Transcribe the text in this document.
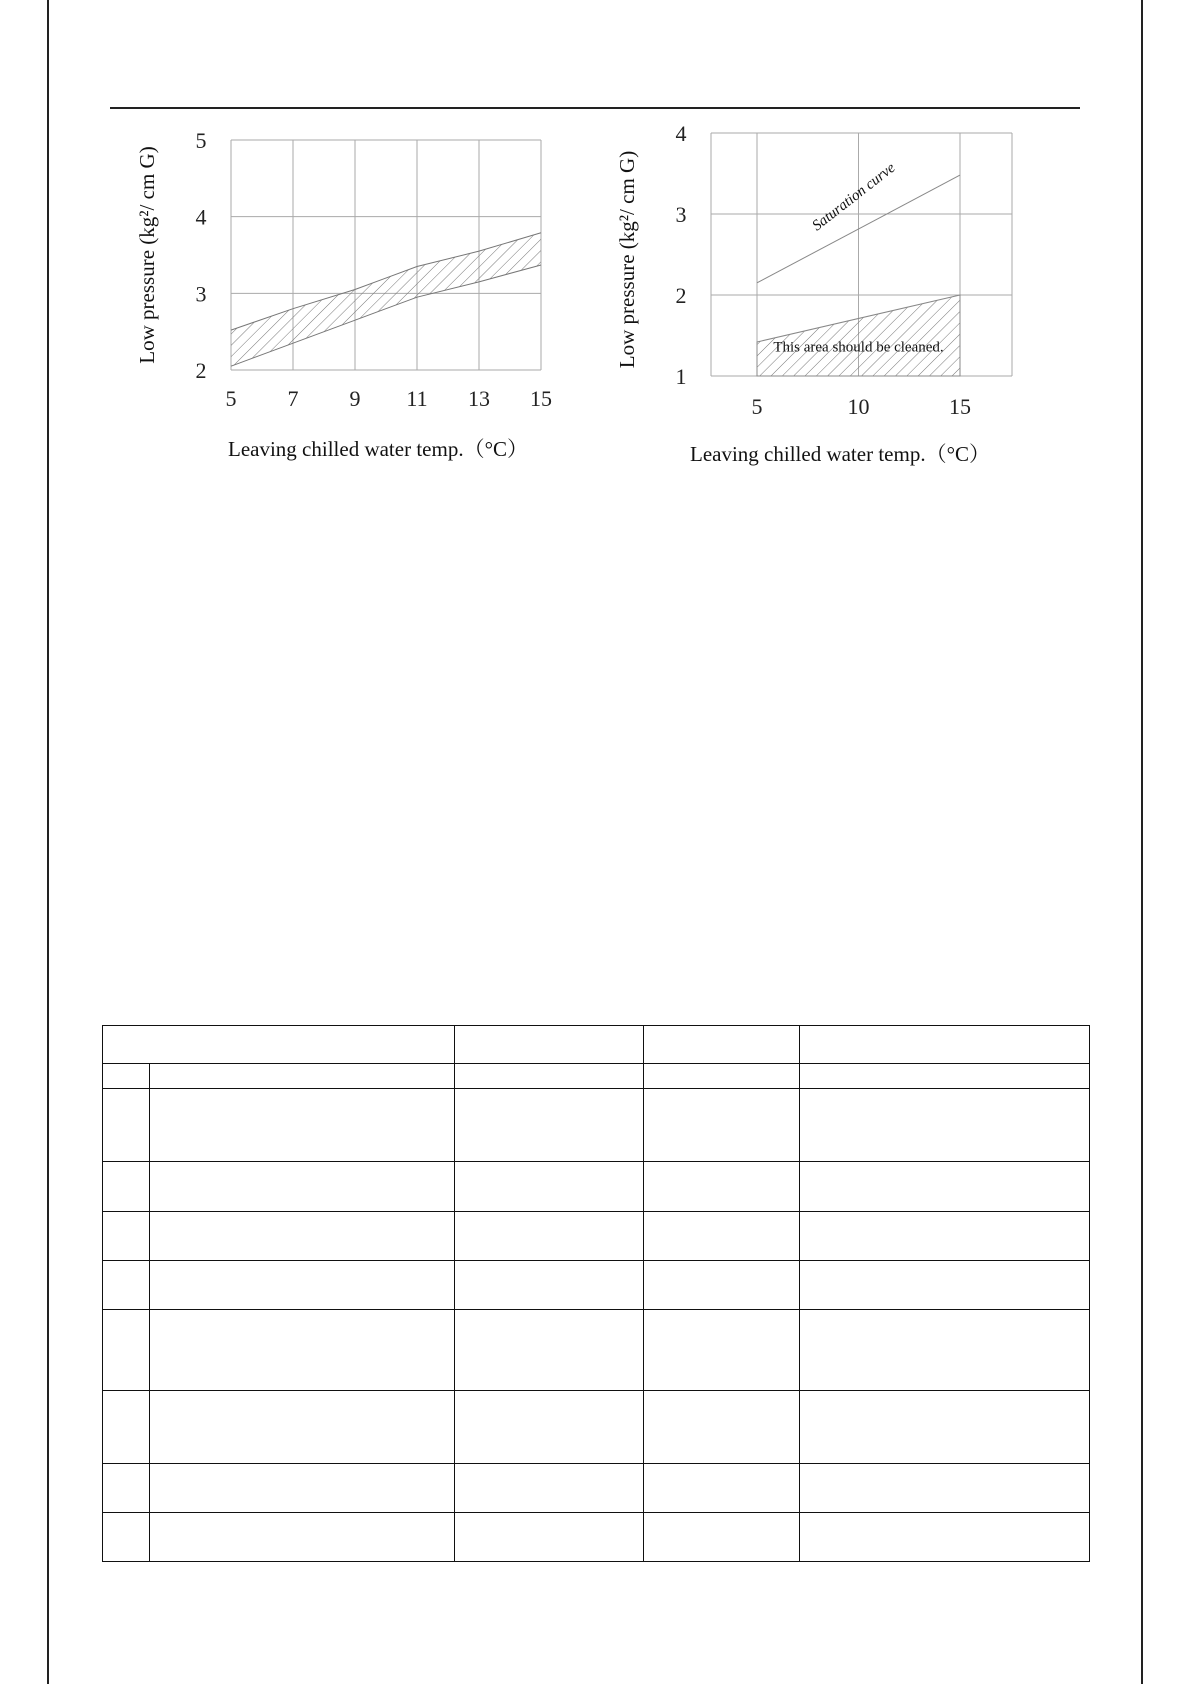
5 7 9 11 13 15
2
3
4
5
Leaving chilled water temp.（°C）
Low pressure (kg²/ cm G)	This area should be cleaned.
Saturation curve
5	10	15
1
2
3
4
Leaving chilled water temp.（°C）
Low pressure (kg²/ cm G)
